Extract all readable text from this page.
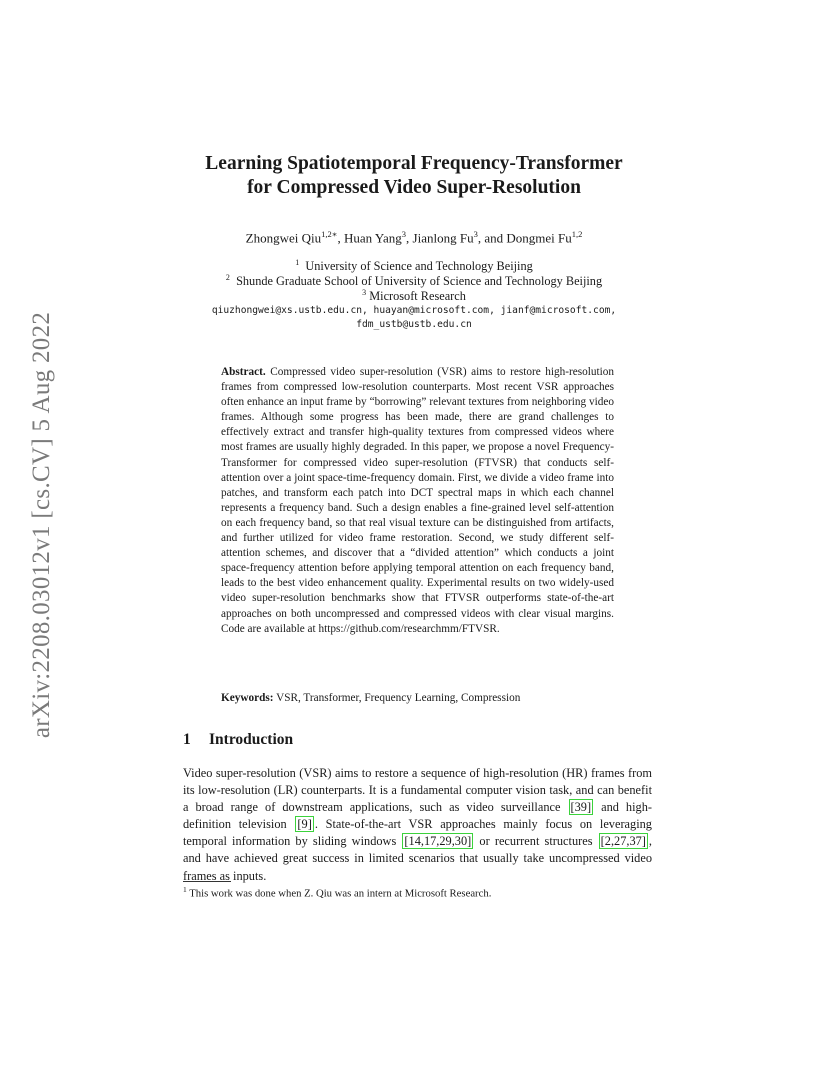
arXiv:2208.03012v1 [cs.CV] 5 Aug 2022
Learning Spatiotemporal Frequency-Transformer
for Compressed Video Super-Resolution
Zhongwei Qiu$^{1,2∗}$, Huan Yang$^3$, Jianlong Fu$^3$, and Dongmei Fu$^{1,2}$
$^1$ University of Science and Technology Beijing
$^2$ Shunde Graduate School of University of Science and Technology Beijing
$^3$ Microsoft Research
qiuzhongwei@xs.ustb.edu.cn, huayan@microsoft.com, jianf@microsoft.com,
fdm_ustb@ustb.edu.cn
Abstract. Compressed video super-resolution (VSR) aims to restore high-resolution frames from compressed low-resolution counterparts. Most recent VSR approaches often enhance an input frame by “borrowing” relevant textures from neighboring video frames. Although some progress has been made, there are grand challenges to effectively extract and transfer high-quality textures from compressed videos where most frames are usually highly degraded. In this paper, we propose a novel Frequency-Transformer for compressed video super-resolution (FTVSR) that conducts self-attention over a joint space-time-frequency domain. First, we divide a video frame into patches, and transform each patch into DCT spectral maps in which each channel represents a frequency band. Such a design enables a fine-grained level self-attention on each frequency band, so that real visual texture can be distinguished from artifacts, and further utilized for video frame restoration. Second, we study different self-attention schemes, and discover that a “divided attention” which conducts a joint space-frequency attention before applying temporal attention on each frequency band, leads to the best video enhancement quality. Experimental results on two widely-used video super-resolution benchmarks show that FTVSR outperforms state-of-the-art approaches on both uncompressed and compressed videos with clear visual margins. Code are available at https://github.com/researchmm/FTVSR.
Keywords: VSR, Transformer, Frequency Learning, Compression
1 Introduction
Video super-resolution (VSR) aims to restore a sequence of high-resolution (HR) frames from its low-resolution (LR) counterparts. It is a fundamental computer vision task, and can benefit a broad range of downstream applications, such as video surveillance [39] and high-definition television [9] . State-of-the-art VSR approaches mainly focus on leveraging temporal information by sliding windows [14,17,29,30] or recurrent structures [2,27,37] , and have achieved great success in limited scenarios that usually take uncompressed video frames as inputs.
$^1$ This work was done when Z. Qiu was an intern at Microsoft Research.
